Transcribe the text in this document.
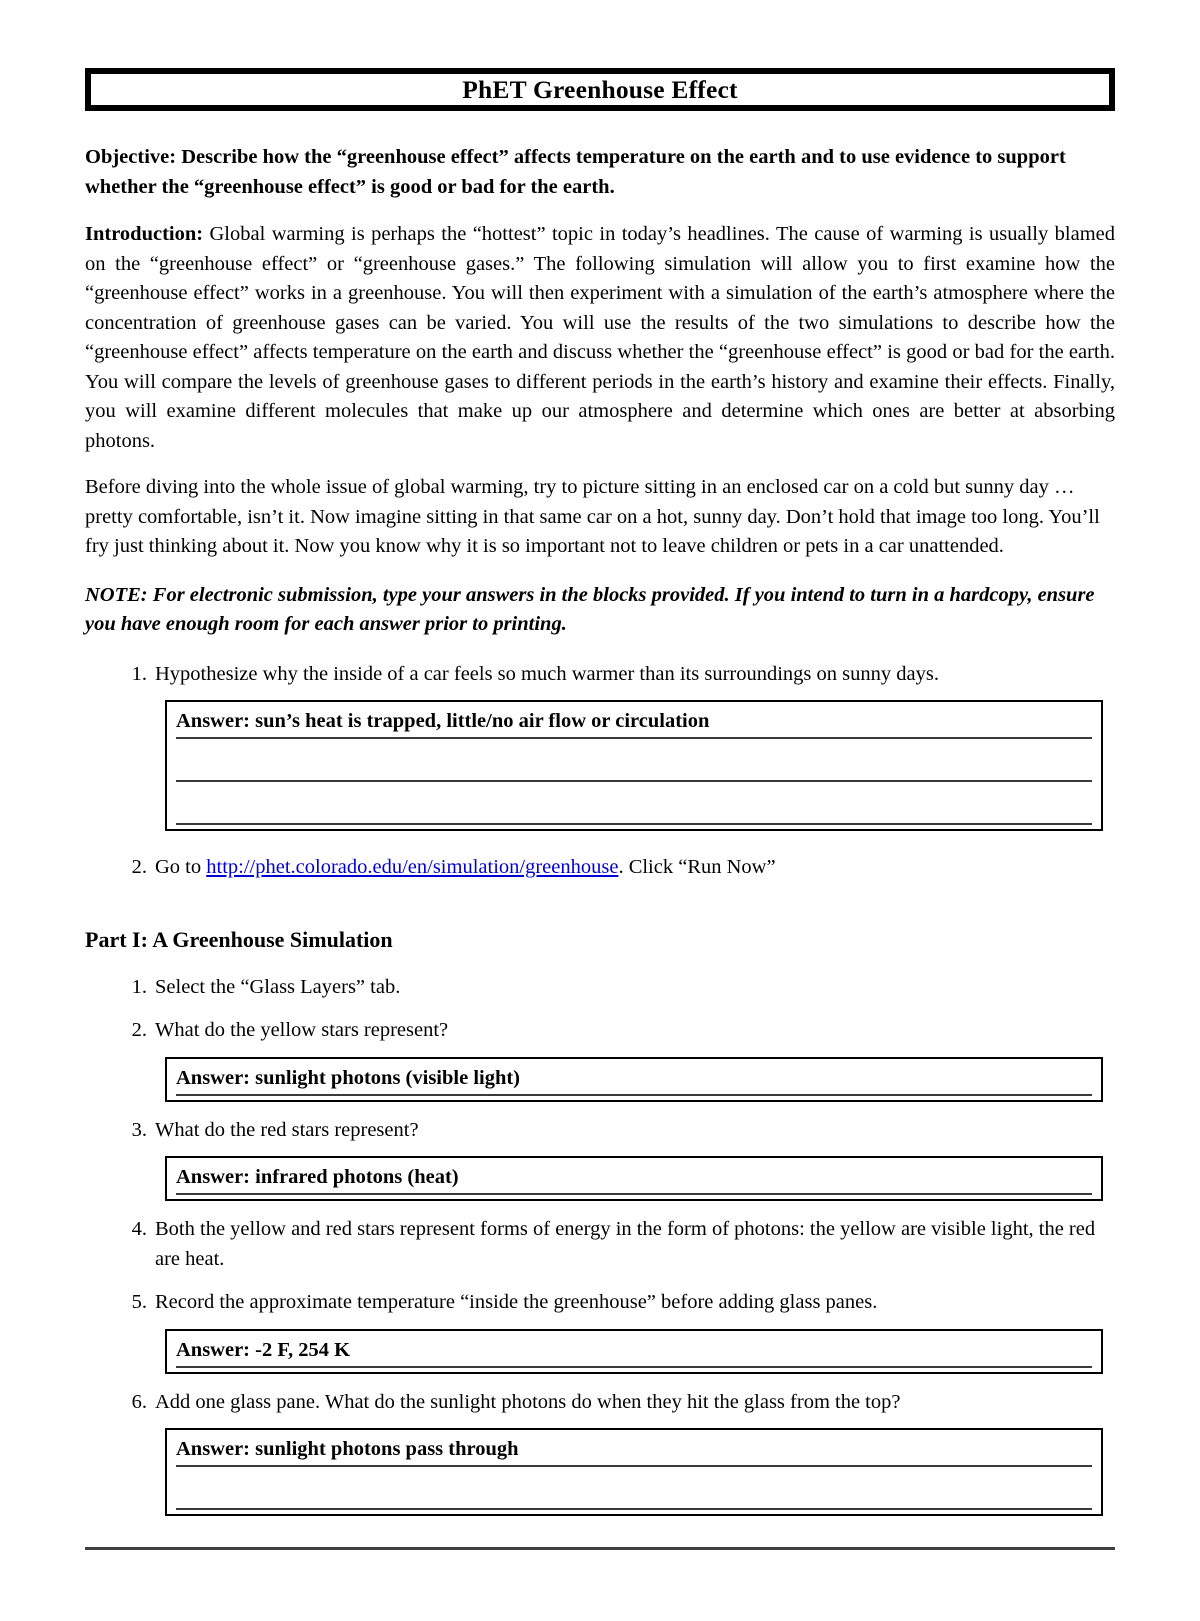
PhET Greenhouse Effect

Objective: Describe how the “greenhouse effect” affects temperature on the earth and to use evidence to support whether the “greenhouse effect” is good or bad for the earth.

Introduction: Global warming is perhaps the “hottest” topic in today’s headlines. The cause of warming is usually blamed on the “greenhouse effect” or “greenhouse gases.” The following simulation will allow you to first examine how the “greenhouse effect” works in a greenhouse. You will then experiment with a simulation of the earth’s atmosphere where the concentration of greenhouse gases can be varied. You will use the results of the two simulations to describe how the “greenhouse effect” affects temperature on the earth and discuss whether the “greenhouse effect” is good or bad for the earth. You will compare the levels of greenhouse gases to different periods in the earth’s history and examine their effects. Finally, you will examine different molecules that make up our atmosphere and determine which ones are better at absorbing photons.

Before diving into the whole issue of global warming, try to picture sitting in an enclosed car on a cold but sunny day … pretty comfortable, isn’t it. Now imagine sitting in that same car on a hot, sunny day. Don’t hold that image too long. You’ll fry just thinking about it. Now you know why it is so important not to leave children or pets in a car unattended.

NOTE: For electronic submission, type your answers in the blocks provided. If you intend to turn in a hardcopy, ensure you have enough room for each answer prior to printing.

1. Hypothesize why the inside of a car feels so much warmer than its surroundings on sunny days.
Answer: sun’s heat is trapped, little/no air flow or circulation
2. Go to http://phet.colorado.edu/en/simulation/greenhouse. Click “Run Now”
Part I: A Greenhouse Simulation
1. Select the “Glass Layers” tab.
2. What do the yellow stars represent?
Answer: sunlight photons (visible light)
3. What do the red stars represent?
Answer: infrared photons (heat)
4. Both the yellow and red stars represent forms of energy in the form of photons: the yellow are visible light, the red are heat.
5. Record the approximate temperature “inside the greenhouse” before adding glass panes.
Answer: -2 F, 254 K
6. Add one glass pane. What do the sunlight photons do when they hit the glass from the top?
Answer: sunlight photons pass through
